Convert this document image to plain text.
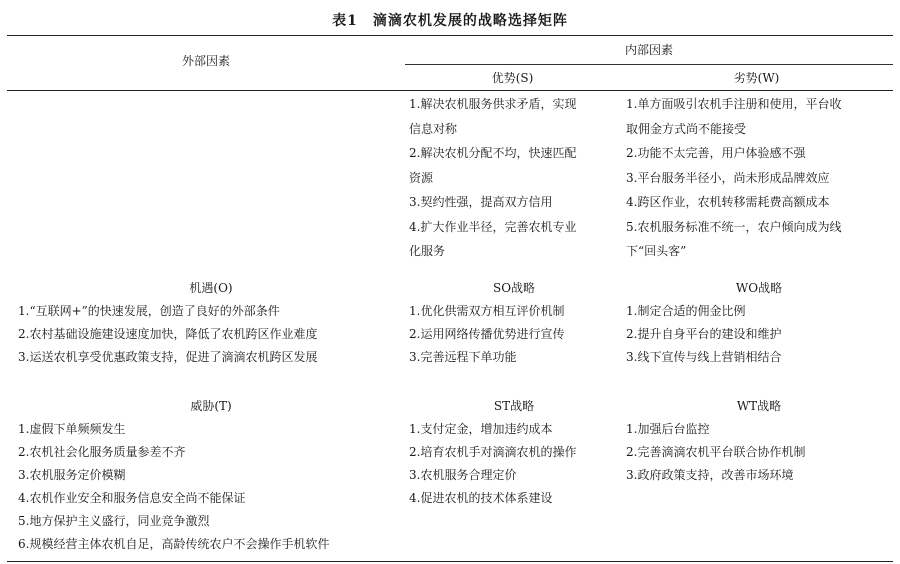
表1　滴滴农机发展的战略选择矩阵
外部因素
内部因素
优势(S)	劣势(W)
1.解决农机服务供求矛盾，实现
信息对称
2.解决农机分配不均，快速匹配
资源
3.契约性强，提高双方信用
4.扩大作业半径，完善农机专业
化服务
1.单方面吸引农机手注册和使用，平台收
取佣金方式尚不能接受
2.功能不太完善，用户体验感不强
3.平台服务半径小，尚未形成品牌效应
4.跨区作业，农机转移需耗费高额成本
5.农机服务标准不统一，农户倾向成为线
下“回头客”
机遇(O)
1.“互联网+”的快速发展，创造了良好的外部条件
2.农村基础设施建设速度加快，降低了农机跨区作业难度
3.运送农机享受优惠政策支持，促进了滴滴农机跨区发展
SO战略
1.优化供需双方相互评价机制
2.运用网络传播优势进行宣传
3.完善远程下单功能
WO战略
1.制定合适的佣金比例
2.提升自身平台的建设和维护
3.线下宣传与线上营销相结合
威胁(T)
1.虚假下单频频发生
2.农机社会化服务质量参差不齐
3.农机服务定价模糊
4.农机作业安全和服务信息安全尚不能保证
5.地方保护主义盛行，同业竞争激烈
6.规模经营主体农机自足，高龄传统农户不会操作手机软件
ST战略
1.支付定金，增加违约成本
2.培育农机手对滴滴农机的操作
3.农机服务合理定价
4.促进农机的技术体系建设
WT战略
1.加强后台监控
2.完善滴滴农机平台联合协作机制
3.政府政策支持，改善市场环境
